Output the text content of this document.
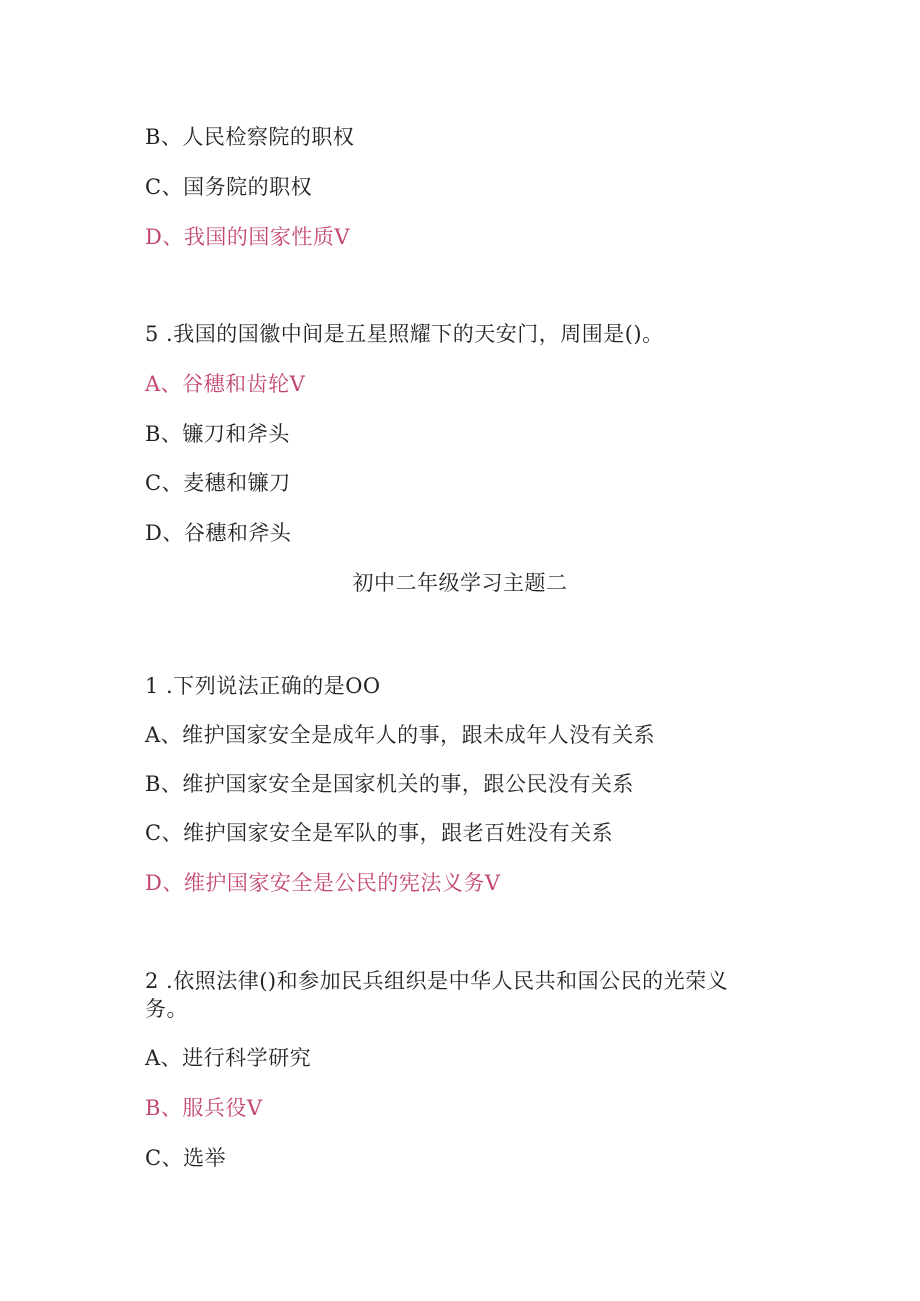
B、人民检察院的职权
C、国务院的职权
D、我国的国家性质V
5 .我国的国徽中间是五星照耀下的天安门，周围是()。
A、谷穗和齿轮V
B、镰刀和斧头
C、麦穗和镰刀
D、谷穗和斧头
初中二年级学习主题二
1 .下列说法正确的是OO
A、维护国家安全是成年人的事，跟未成年人没有关系
B、维护国家安全是国家机关的事，跟公民没有关系
C、维护国家安全是军队的事，跟老百姓没有关系
D、维护国家安全是公民的宪法义务V
2 .依照法律()和参加民兵组织是中华人民共和国公民的光荣义
务。
A、进行科学研究
B、服兵役V
C、选举
